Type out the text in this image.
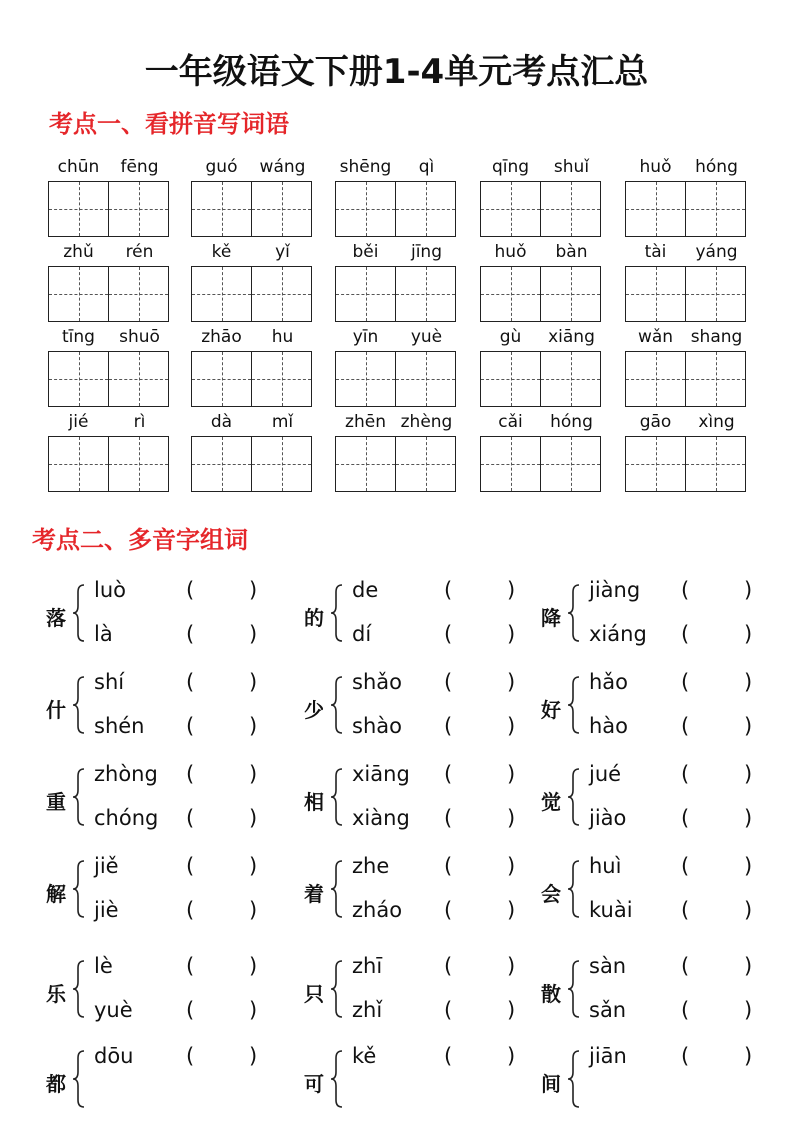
一年级语文下册1-4单元考点汇总
考点一、看拼音写词语
chūn	fēng	guó	wáng	shēng	qì	qīng	shuǐ	huǒ	hóng
zhǔ	rén	kě	yǐ	běi	jīng	huǒ	bàn	tài	yáng
tīng	shuō	zhāo	hu	yīn	yuè	gù	xiāng	wǎn	shang
jié	rì	dà	mǐ	zhēn zhèng	cǎi	hóng	gāo	xìng
考点二、多音字组词
落
luò	(	)
là	(	)
的
de	(	)
dí	(	)
降
jiàng (	)
xiáng (	)
什
shí	(	)
shén (	)
少
shǎo (	)
shào (	)
好
hǎo	(	)
hào	(	)
重
zhòng (	)
chóng (	)
相
xiāng (	)
xiàng (	)
觉
jué	(	)
jiào	(	)
解
jiě	(	)
jiè	(	)
着
zhe	(	)
zháo (	)
会
huì	(	)
kuài (	)
乐
lè	(	)
yuè	(	)
只
zhī	(	)
zhǐ	(	)
散
sàn	(	)
sǎn	(	)
都
dōu	(	)
可
kě	(	)
间
jiān	(	)
